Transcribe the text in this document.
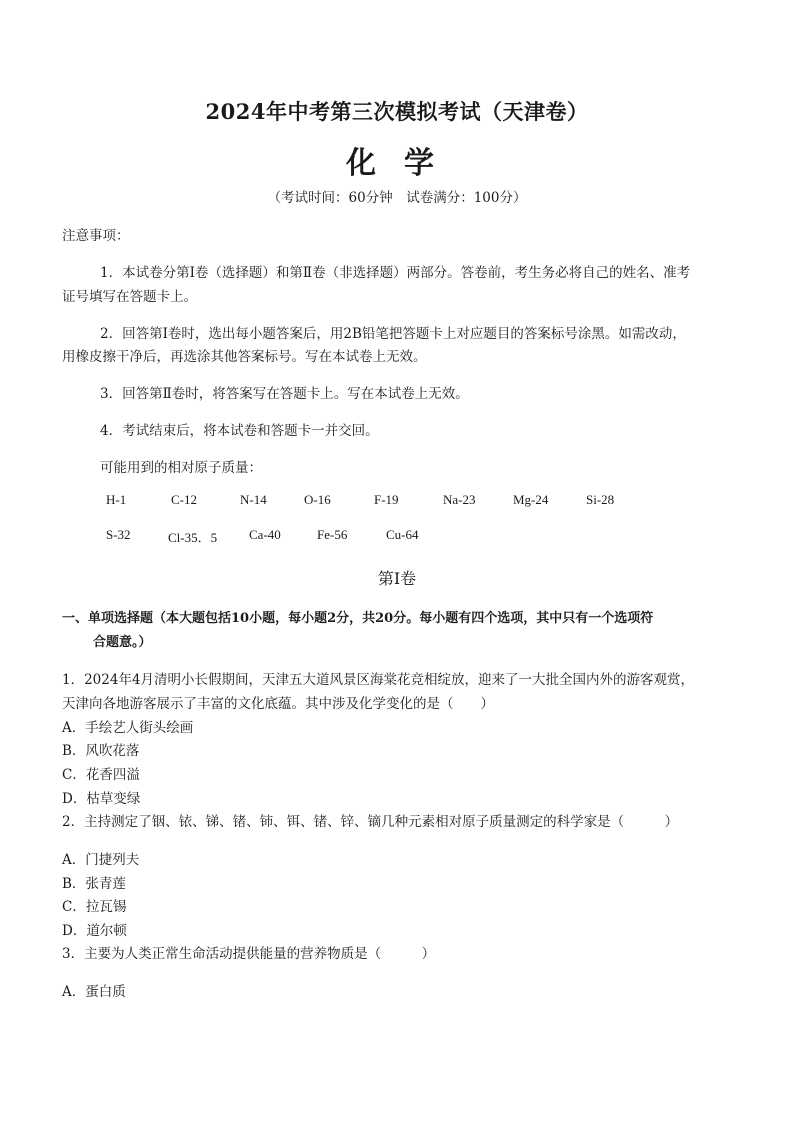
2024年中考第三次模拟考试（天津卷）
化学
（考试时间：60分钟　试卷满分：100分）
注意事项：
1．本试卷分第Ⅰ卷（选择题）和第Ⅱ卷（非选择题）两部分。答卷前，考生务必将自己的姓名、准考
证号填写在答题卡上。
2．回答第Ⅰ卷时，选出每小题答案后，用2B铅笔把答题卡上对应题目的答案标号涂黑。如需改动，
用橡皮擦干净后，再选涂其他答案标号。写在本试卷上无效。
3．回答第Ⅱ卷时，将答案写在答题卡上。写在本试卷上无效。
4．考试结束后，将本试卷和答题卡一并交回。
可能用到的相对原子质量：
H-1	C-12	N-14	O-16	F-19	Na-23	Mg-24	Si-28
S-32	Cl-35．5 Ca-40	Fe-56	Cu-64
第Ⅰ卷
一、单项选择题（本大题包括10小题，每小题2分，共20分。每小题有四个选项，其中只有一个选项符
合题意。）
1．2024年4月清明小长假期间，天津五大道风景区海棠花竞相绽放，迎来了一大批全国内外的游客观赏，
天津向各地游客展示了丰富的文化底蕴。其中涉及化学变化的是（　　）
A．手绘艺人街头绘画
B．风吹花落
C．花香四溢
D．枯草变绿
2．主持测定了铟、铱、锑、锗、铈、铒、锗、锌、镝几种元素相对原子质量测定的科学家是（　　　）
A．门捷列夫
B．张青莲
C．拉瓦锡
D．道尔顿
3．主要为人类正常生命活动提供能量的营养物质是（　　　）
A．蛋白质
